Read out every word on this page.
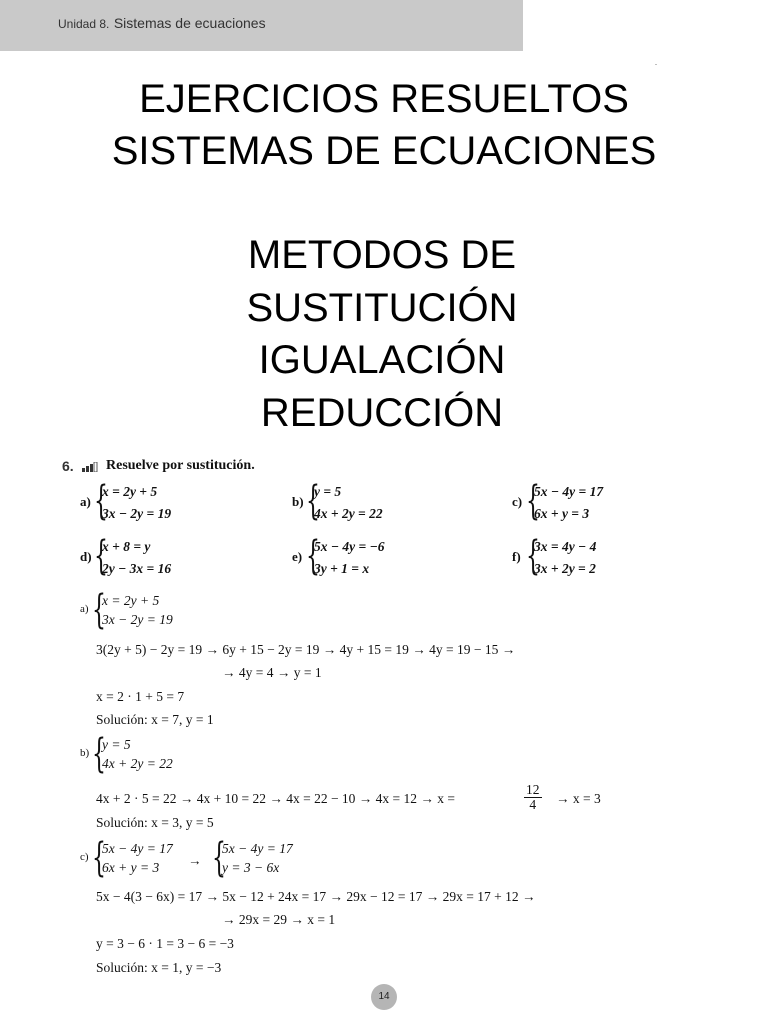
Unidad 8. Sistemas de ecuaciones
.
EJERCICIOS RESUELTOS
SISTEMAS DE ECUACIONES
METODOS DE
SUSTITUCIÓN
IGUALACIÓN
REDUCCIÓN
6. Resuelve por sustitución.
a) {
x = 2y + 5
3x − 2y = 19
b) {
y = 5
4x + 2y = 22
c) {
5x − 4y = 17
6x + y = 3
d) {
x + 8 = y
2y − 3x = 16
e) {
5x − 4y = −6
3y + 1 = x
f) {
3x = 4y − 4
3x + 2y = 2
a) {
x = 2y + 5
3x − 2y = 19
3(2y + 5) − 2y = 19 → 6y + 15 − 2y = 19 → 4y + 15 = 19 → 4y = 19 − 15 →
→ 4y = 4 → y = 1
x = 2 · 1 + 5 = 7
Solución: x = 7, y = 1
b) {
y = 5
4x + 2y = 22
4x + 2 · 5 = 22 → 4x + 10 = 22 → 4x = 22 − 10 → 4x = 12 → x =	$\frac{12}{4} \to x = 3$
Solución: x = 3, y = 5
c) {
5x − 4y = 17
6x + y = 3 → {
5x − 4y = 17
y = 3 − 6x
5x − 4(3 − 6x) = 17 → 5x − 12 + 24x = 17 → 29x − 12 = 17 → 29x = 17 + 12 →
→ 29x = 29 → x = 1
y = 3 − 6 · 1 = 3 − 6 = −3
Solución: x = 1, y = −3
14
